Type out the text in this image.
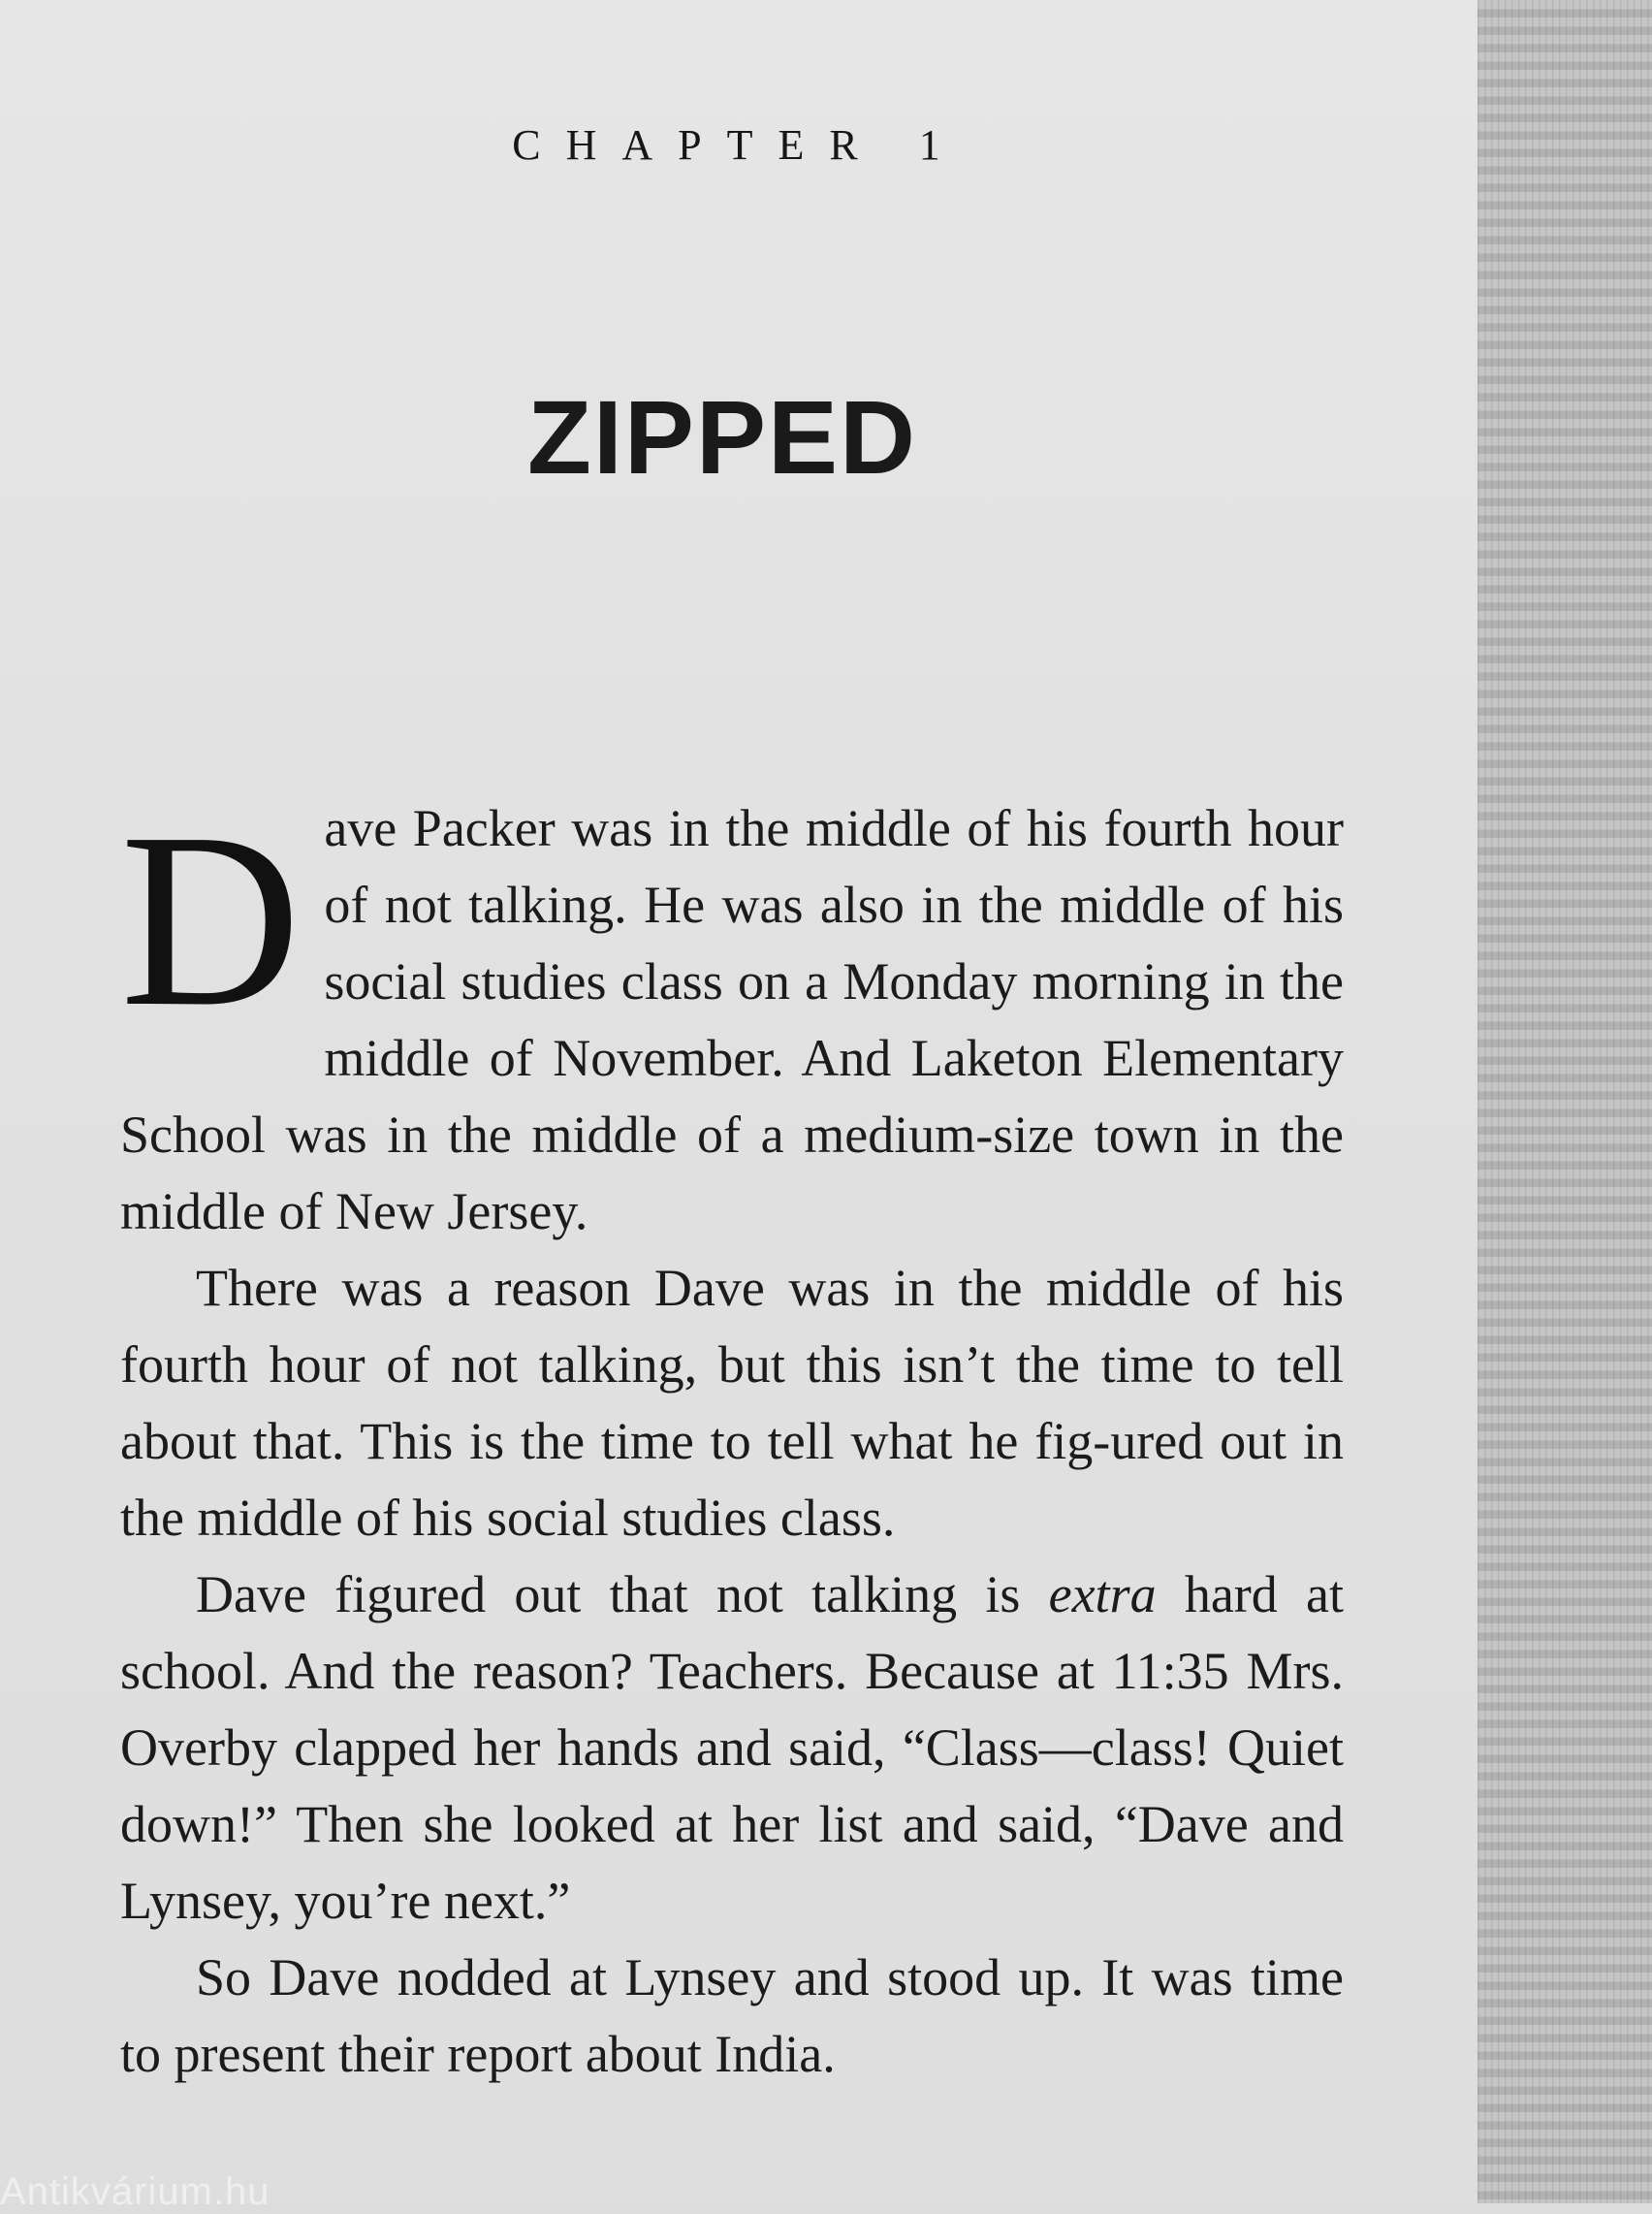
CHAPTER 1
ZIPPED

Dave Packer was in the middle of his fourth hour of not talking. He was also in the middle of his social studies class on a Monday morning in the middle of November. And Laketon Elementary School was in the middle of a medium-size town in the middle of New Jersey.

There was a reason Dave was in the middle of his fourth hour of not talking, but this isn’t the time to tell about that. This is the time to tell what he fig-ured out in the middle of his social studies class.

Dave figured out that not talking is extra hard at school. And the reason? Teachers. Because at 11:35 Mrs. Overby clapped her hands and said, “Class—class! Quiet down!” Then she looked at her list and said, “Dave and Lynsey, you’re next.”

So Dave nodded at Lynsey and stood up. It was time to present their report about India.

Antikvárium.hu
